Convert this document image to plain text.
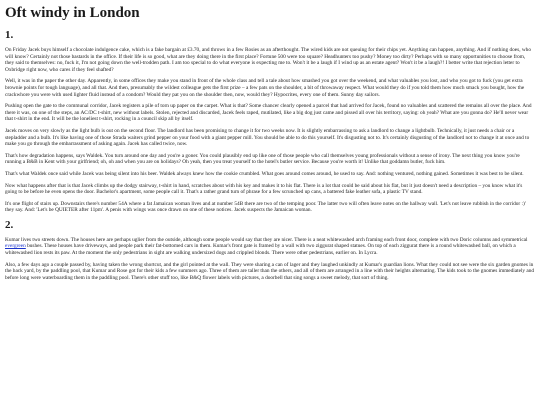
Oft windy in London
1.

On Friday Jacek buys himself a chocolate indulgence cake, which is a fake bargain at £3.70, and throws in a few Rosies as an afterthought. The wired kids are not queuing for their chips yet. Anything can happen, anything. And if nothing does, who will know? Certainly not those bastards in the office. If their life is so good, what are they doing there in the first place? Fortune 500 were too square? Headhunters too pushy? Money too dirty? Perhaps with so many opportunities to choose from, they said to themselves: no, fuck it, I'm not going down the well-trodden path. I am too special to do what everyone is expecting me to. Won't it be a laugh if I wind up as an estate agent? Won't it be a laugh?! I better write that rejection letter to Oxbridge right now, who cares if they feel shafted?

Well, it was in the paper the other day. Apparently, in some offices they make you stand in front of the whole class and tell a tale about how smashed you got over the weekend, and what valuables you lost, and who you got to fuck (you get extra brownie points for tough language), and all that. And then, presumably the wildest colleague gets the first prize – a few pats on the shoulder, a bit of throwaway respect. What would they do if you told them how much smack you bought, how the crackwhore you were with used lighter fluid instead of a condom? Would they pat you on the shoulder then, now, would they? Hypocrites, every one of them. Sunny day sailors.

Pushing open the gate to the communal corridor, Jacek registers a pile of torn up paper on the carpet. What is that? Some chancer clearly opened a parcel that had arrived for Jacek, found no valuables and scattered the remains all over the place. And there it was, on one of the steps, an AC/DC t-shirt, new without labels. Stolen, rejected and discarded, Jacek feels raped, mutilated, like a big dog just came and pissed all over his territory, saying: oh yeah? What are you gonna do? He'll never wear that t-shirt in the end. It will be the loneliest t-shirt, rocking in a council skip all by itself.

Jacek moves on very slowly as the light bulb is out on the second floor. The landlord has been promising to change it for two weeks now. It is slightly embarrassing to ask a landlord to change a lightbulb. Technically, it just needs a chair or a stepladder and a bulb. It's like having one of those Strada waiters grind pepper on your food with a giant pepper mill. You should be able to do this yourself. It's disgusting not to. It's certainly disgusting of the landlord not to change it at once and to make you go through the embarrassment of asking again. Jacek has called twice, now.

That's how degradation happens, says Waldek. You turn around one day and you're a goner. You could plausibly end up like one of those people who call themselves young professionals without a sense of irony. The next thing you know you're running a B&B in Kent with your girlfriend; oh, oh and when you are on holidays? Oh yeah, then you treat yourself to the hotel's butler service. Because you're worth it! Unlike that goddamn butler, fuck him.

That's what Waldek once said while Jacek was being silent into his beer. Waldek always knew how the cookie crumbled. What goes around comes around, he used to say. And: nothing ventured, nothing gained. Sometimes it was best to be silent.

Now what happens after that is that Jacek climbs up the dodgy stairway, t-shirt in hand, scratches about with his key and makes it to his flat. There is a lot that could be said about his flat, but it just doesn't need a description – you know what it's going to be before he even opens the door. Bachelor's apartment, some people call it. That's a rather grand turn of phrase for a few scrunched up cans, a battered fake leather sofa, a plastic TV stand.

It's one flight of stairs up. Downstairs there's number 54A where a fat Jamaican woman lives and at number 54B there are two of the temping poor. The latter two will often leave notes on the hallway wall. 'Let's not leave rubbish in the corridor :)' they say. And: 'Let's be QUIETER after 11pm'. A penis with wings was once drawn on one of these notices. Jacek suspects the Jamaican woman.

2.

Kumar lives two streets down. The houses here are perhaps uglier from the outside, although some people would say that they are nicer. There is a neat whitewashed arch framing each front door, complete with two Doric columns and symmetrical evergreen bushes. These houses have driveways, and people park their fat-bottomed cars in them. Kumar's front gate is framed by a wall with two ziggurat shaped statues. On top of each ziggurat there is a round whitewashed ball, on which a whitewashed lion rests its paw. At the moment the only pedestrians in sight are walking undersized dogs and crippled blonds. There were other pedestrians, earlier on. In Lycra.

Also, a few days ago a couple passed by, having taken the wrong shortcut, and the girl pointed at the wall. They were sharing a can of lager and they laughed unkindly at Kumar's guardian lions. What they could not see were the six garden gnomes in the back yard, by the paddling pool, that Kumar and Rose got for their kids a few summers ago. Three of them are taller than the others, and all of them are arranged in a line with their heights alternating. The kids took to the gnomes immediately and before long were waterboarding them in the paddling pool. There's other stuff too, like B&Q flower labels with pictures, a doorbell that sing songs a sweet melody, that sort of thing.
